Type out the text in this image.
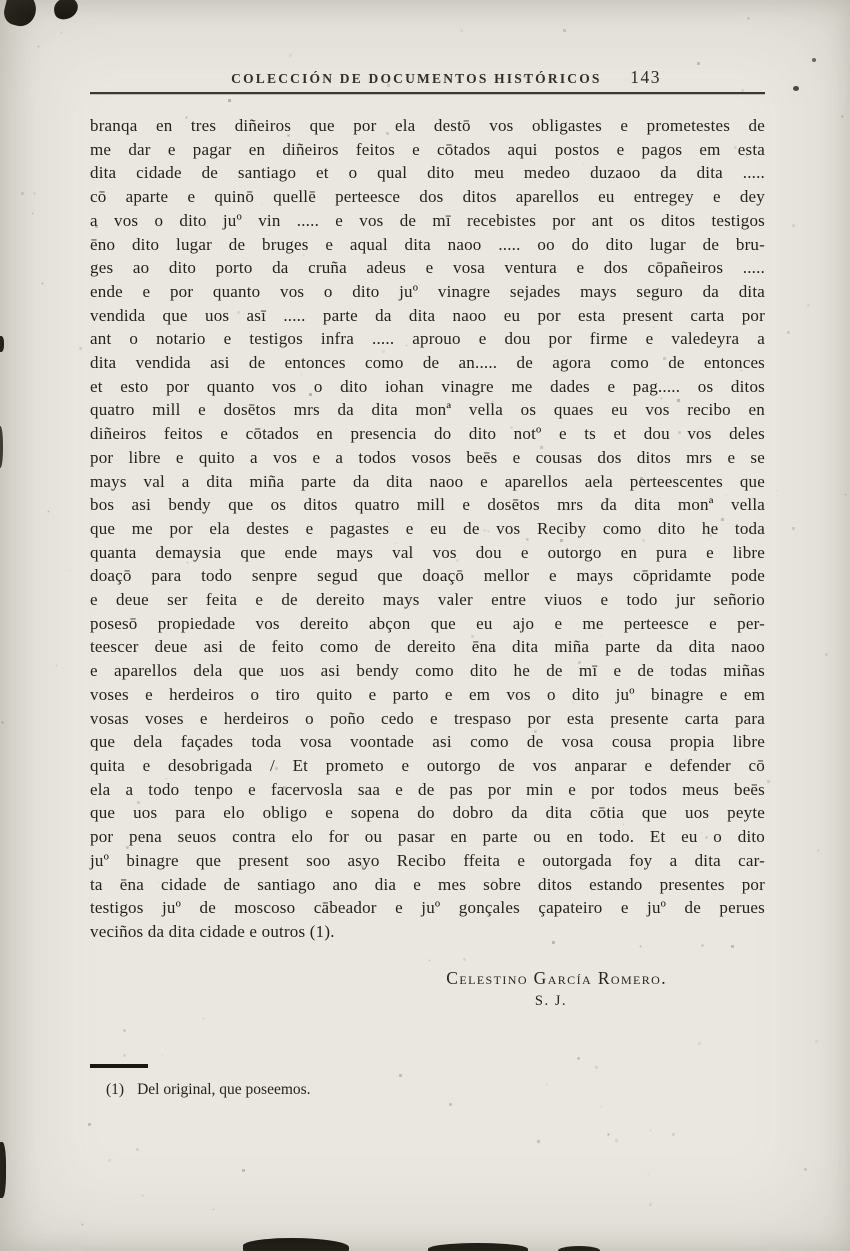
COLECCIÓN DE DOCUMENTOS HISTÓRICOS 143
branqa en tres diñeiros que por ela destō vos obligastes e prometestes de
me dar e pagar en diñeiros feitos e cōtados aqui postos e pagos em esta
dita cidade de santiago et o qual dito meu medeo duzaoo da dita .....
cō aparte e quinō quellē perteesce dos ditos aparellos eu entregey e dey
a vos o dito juº vin ..... e vos de mī recebistes por ant os ditos testigos
ēno dito lugar de bruges e aqual dita naoo ..... oo do dito lugar de bru-
ges ao dito porto da cruña adeus e vosa ventura e dos cōpañeiros .....
ende e por quanto vos o dito juº vinagre sejades mays seguro da dita
vendida que uos asī ..... parte da dita naoo eu por esta present carta por
ant o notario e testigos infra ..... aprouo e dou por firme e valedeyra a
dita vendida asi de entonces como de an..... de agora como de entonces
et esto por quanto vos o dito iohan vinagre me dades e pag..... os ditos
quatro mill e dosētos mrs da dita monª vella os quaes eu vos recibo en
diñeiros feitos e cōtados en presencia do dito notº e ts et dou vos deles
por libre e quito a vos e a todos vosos beēs e cousas dos ditos mrs e se
mays val a dita miña parte da dita naoo e aparellos aela perteescentes que
bos asi bendy que os ditos quatro mill e dosētos mrs da dita monª vella
que me por ela destes e pagastes e eu de vos Reciby como dito he toda
quanta demaysia que ende mays val vos dou e outorgo en pura e libre
doaçō para todo senpre segud que doaçō mellor e mays cōpridamte pode
e deue ser feita e de dereito mays valer entre viuos e todo jur señorio
posesō propiedade vos dereito abçon que eu ajo e me perteesce e per-
teescer deue asi de feito como de dereito ēna dita miña parte da dita naoo
e aparellos dela que uos asi bendy como dito he de mī e de todas miñas
voses e herdeiros o tiro quito e parto e em vos o dito juº binagre e em
vosas voses e herdeiros o poño cedo e trespaso por esta presente carta para
que dela façades toda vosa voontade asi como de vosa cousa propia libre
quita e desobrigada / Et prometo e outorgo de vos anparar e defender cō
ela a todo tenpo e facervosla saa e de pas por min e por todos meus beēs
que uos para elo obligo e sopena do dobro da dita cōtia que uos peyte
por pena seuos contra elo for ou pasar en parte ou en todo. Et eu o dito
juº binagre que present soo asyo Recibo ffeita e outorgada foy a dita car-
ta ēna cidade de santiago ano dia e mes sobre ditos estando presentes por
testigos juº de moscoso cābeador e juº gonçales çapateiro e juº de perues
veciños da dita cidade e outros (1).
Celestino García Romero.
S. J.
(1) Del original, que poseemos.
